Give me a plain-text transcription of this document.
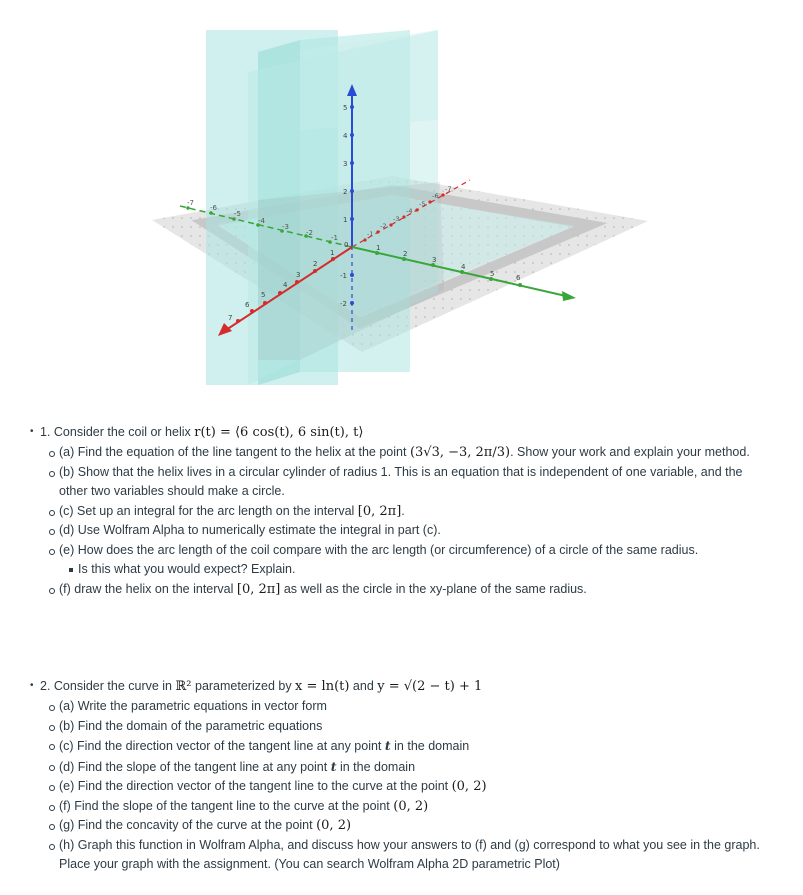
-7
-6
-5
-4
-3
-2
-1	-1
-2
-3
-4
-5
-6
-7
5
4
3
2
1
-1
-2
0	1
2
3
4
5	6
7
6
5
4
3
2
1
• 1. Consider the coil or helix r(t) = ⟨6 cos(t), 6 sin(t), t⟩
(a) Find the equation of the line tangent to the helix at the point (3√3, −3, 2π/3). Show your work and explain your method.
(b) Show that the helix lives in a circular cylinder of radius 1. This is an equation that is independent of one variable, and the other two variables should make a circle.
(c) Set up an integral for the arc length on the interval [0, 2π].
(d) Use Wolfram Alpha to numerically estimate the integral in part (c).
(e) How does the arc length of the coil compare with the arc length (or circumference) of a circle of the same radius.
Is this what you would expect? Explain.
(f) draw the helix on the interval [0, 2π] as well as the circle in the xy-plane of the same radius.
• 2. Consider the curve in ℝ² parameterized by x = ln(t) and y = √(2 − t) + 1
(a) Write the parametric equations in vector form
(b) Find the domain of the parametric equations
(c) Find the direction vector of the tangent line at any point t in the domain
(d) Find the slope of the tangent line at any point t in the domain
(e) Find the direction vector of the tangent line to the curve at the point (0, 2)
(f) Find the slope of the tangent line to the curve at the point (0, 2)
(g) Find the concavity of the curve at the point (0, 2)
(h) Graph this function in Wolfram Alpha, and discuss how your answers to (f) and (g) correspond to what you see in the graph. Place your graph with the assignment. (You can search Wolfram Alpha 2D parametric Plot)
